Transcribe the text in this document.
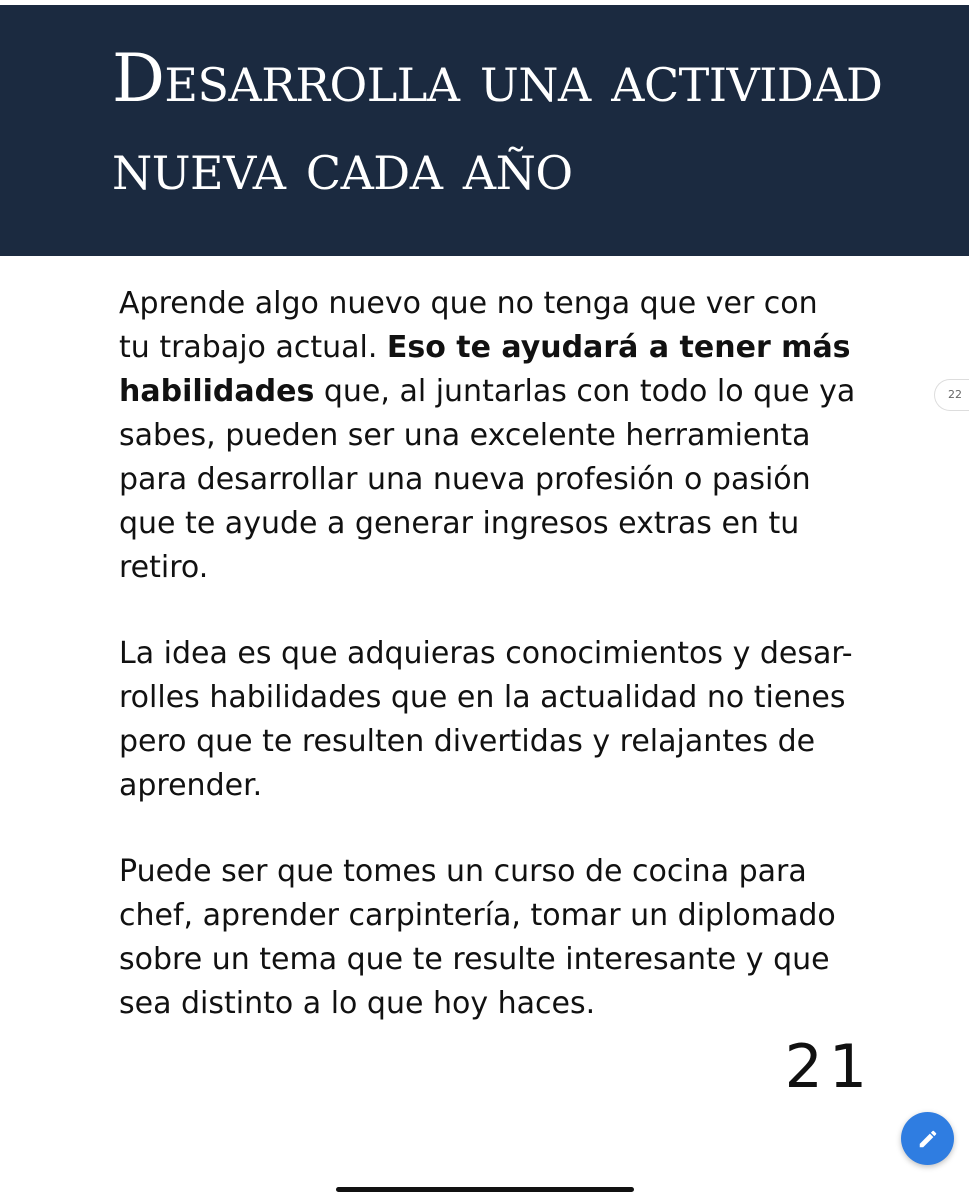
Desarrolla una actividad
nueva cada año

Aprende algo nuevo que no tenga que ver con
tu trabajo actual. Eso te ayudará a tener más
habilidades que, al juntarlas con todo lo que ya
sabes, pueden ser una excelente herramienta
para desarrollar una nueva profesión o pasión
que te ayude a generar ingresos extras en tu
retiro.

La idea es que adquieras conocimientos y desar-
rolles habilidades que en la actualidad no tienes
pero que te resulten divertidas y relajantes de
aprender.

Puede ser que tomes un curso de cocina para
chef, aprender carpintería, tomar un diplomado
sobre un tema que te resulte interesante y que
sea distinto a lo que hoy haces.

21
22
